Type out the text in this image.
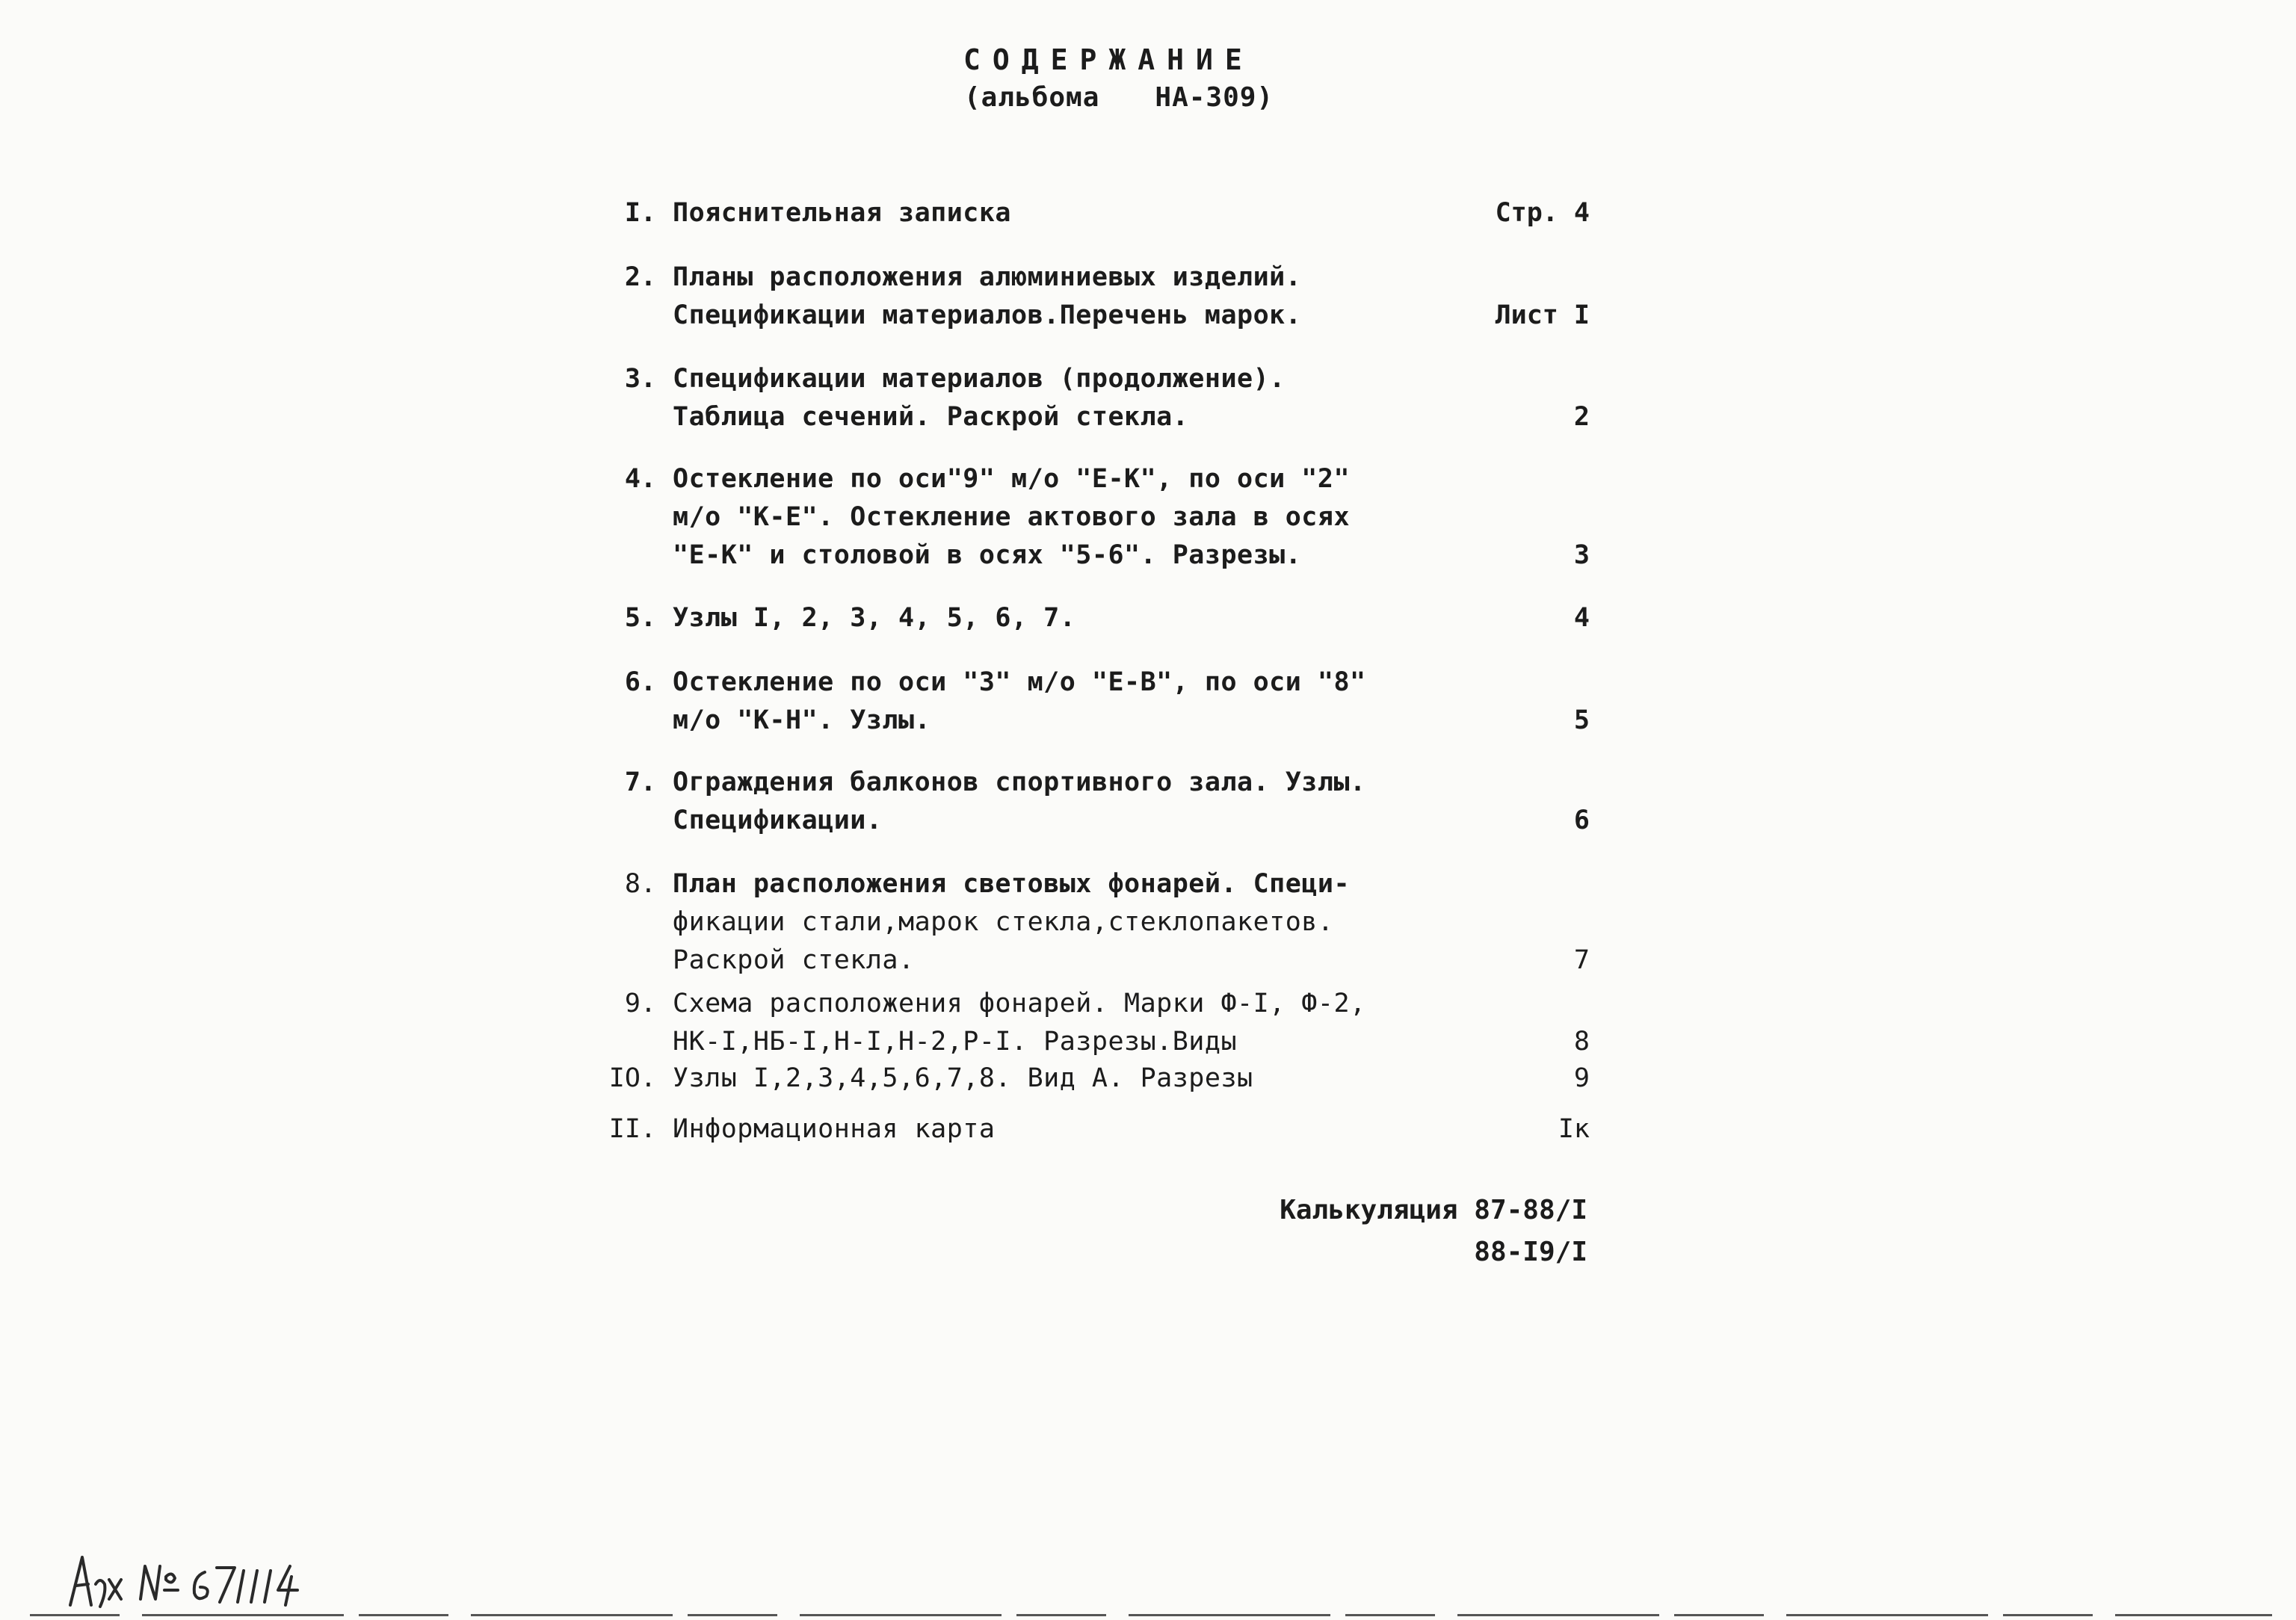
СОДЕРЖАНИЕ
(альбома НА-309)
I. Пояснительная записка	Стр. 4
2. Планы расположения алюминиевых изделий.
Спецификации материалов.Перечень марок.	Лист I
3. Спецификации материалов (продолжение).
Таблица сечений. Раскрой стекла.	2
4. Остекление по оси"9" м/о "Е-К", по оси "2"
м/о "К-Е". Остекление актового зала в осях
"Е-К" и столовой в осях "5-6". Разрезы.	3
5. Узлы I, 2, 3, 4, 5, 6, 7.	4
6. Остекление по оси "3" м/о "Е-В", по оси "8"
м/о "К-Н". Узлы.	5
7. Ограждения балконов спортивного зала. Узлы.
Спецификации.	6
8. План расположения световых фонарей. Специ-
фикации стали,марок стекла,стеклопакетов.
Раскрой стекла.	7
9. Схема расположения фонарей. Марки Ф-I, Ф-2,
НК-I,НБ-I,Н-I,Н-2,Р-I. Разрезы.Виды	8
IO. Узлы I,2,3,4,5,6,7,8. Вид А. Разрезы	9
II. Информационная карта	Iк
Калькуляция 87-88/I
88-I9/I
Арх № 671114
